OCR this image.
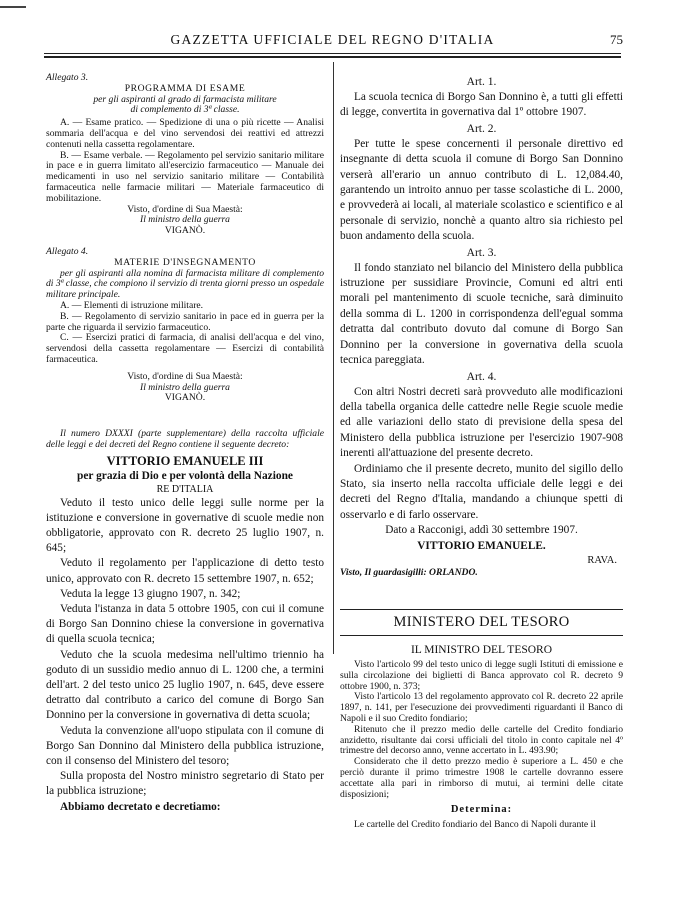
GAZZETTA UFFICIALE DEL REGNO D'ITALIA	75

Allegato 3.

PROGRAMMA DI ESAME

per gli aspiranti al grado di farmacista militare

di complemento di 3ª classe.

A. — Esame pratico. — Spedizione di una o più ricette — Analisi sommaria dell'acqua e del vino servendosi dei reattivi ed attrezzi contenuti nella cassetta regolamentare.

B. — Esame verbale. — Regolamento pel servizio sanitario militare in pace e in guerra limitato all'esercizio farmaceutico — Manuale dei medicamenti in uso nel servizio sanitario militare — Contabilità farmaceutica nelle farmacie militari — Materiale farmaceutico di mobilitazione.

Visto, d'ordine di Sua Maestà:

Il ministro della guerra

VIGANÒ.

Allegato 4.

MATERIE D'INSEGNAMENTO

per gli aspiranti alla nomina di farmacista militare di complemento di 3ª classe, che compiono il servizio di trenta giorni presso un ospedale militare principale.

A. — Elementi di istruzione militare.

B. — Regolamento di servizio sanitario in pace ed in guerra per la parte che riguarda il servizio farmaceutico.

C. — Esercizi pratici di farmacia, di analisi dell'acqua e del vino, servendosi della cassetta regolamentare — Esercizi di contabilità farmaceutica.

Visto, d'ordine di Sua Maestà:

Il ministro della guerra

VIGANÒ.

Il numero DXXXI (parte supplementare) della raccolta ufficiale delle leggi e dei decreti del Regno contiene il seguente decreto:

VITTORIO EMANUELE III

per grazia di Dio e per volontà della Nazione

RE D'ITALIA

Veduto il testo unico delle leggi sulle norme per la istituzione e conversione in governative di scuole medie non obbligatorie, approvato con R. decreto 25 luglio 1907, n. 645;

Veduto il regolamento per l'applicazione di detto testo unico, approvato con R. decreto 15 settembre 1907, n. 652;

Veduta la legge 13 giugno 1907, n. 342;

Veduta l'istanza in data 5 ottobre 1905, con cui il comune di Borgo San Donnino chiese la conversione in governativa di quella scuola tecnica;

Veduto che la scuola medesima nell'ultimo triennio ha goduto di un sussidio medio annuo di L. 1200 che, a termini dell'art. 2 del testo unico 25 luglio 1907, n. 645, deve essere detratto dal contributo a carico del comune di Borgo San Donnino per la conversione in governativa di detta scuola;

Veduta la convenzione all'uopo stipulata con il comune di Borgo San Donnino dal Ministero della pubblica istruzione, con il consenso del Ministero del tesoro;

Sulla proposta del Nostro ministro segretario di Stato per la pubblica istruzione;

Abbiamo decretato e decretiamo:

Art. 1.

La scuola tecnica di Borgo San Donnino è, a tutti gli effetti di legge, convertita in governativa dal 1º ottobre 1907.

Art. 2.

Per tutte le spese concernenti il personale direttivo ed insegnante di detta scuola il comune di Borgo San Donnino verserà all'erario un annuo contributo di L. 12,084.40, garantendo un introito annuo per tasse scolastiche di L. 2000, e provvederà ai locali, al materiale scolastico e scientifico e al personale di servizio, nonchè a quanto altro sia richiesto pel buon andamento della scuola.

Art. 3.

Il fondo stanziato nel bilancio del Ministero della pubblica istruzione per sussidiare Provincie, Comuni ed altri enti morali pel mantenimento di scuole tecniche, sarà diminuito della somma di L. 1200 in corrispondenza dell'egual somma detratta dal contributo dovuto dal comune di Borgo San Donnino per la conversione in governativa della scuola tecnica pareggiata.

Art. 4.

Con altri Nostri decreti sarà provveduto alle modificazioni della tabella organica delle cattedre nelle Regie scuole medie ed alle variazioni dello stato di previsione della spesa del Ministero della pubblica istruzione per l'esercizio 1907-908 inerenti all'attuazione del presente decreto.

Ordiniamo che il presente decreto, munito del sigillo dello Stato, sia inserto nella raccolta ufficiale delle leggi e dei decreti del Regno d'Italia, mandando a chiunque spetti di osservarlo e di farlo osservare.

Dato a Racconigi, addì 30 settembre 1907.

VITTORIO EMANUELE.

RAVA.

Visto, Il guardasigilli: ORLANDO.

MINISTERO DEL TESORO

IL MINISTRO DEL TESORO

Visto l'articolo 99 del testo unico di legge sugli Istituti di emissione e sulla circolazione dei biglietti di Banca approvato col R. decreto 9 ottobre 1900, n. 373;

Visto l'articolo 13 del regolamento approvato col R. decreto 22 aprile 1897, n. 141, per l'esecuzione dei provvedimenti riguardanti il Banco di Napoli e il suo Credito fondiario;

Ritenuto che il prezzo medio delle cartelle del Credito fondiario anzidetto, risultante dai corsi ufficiali del titolo in conto capitale nel 4º trimestre del decorso anno, venne accertato in L. 493.90;

Considerato che il detto prezzo medio è superiore a L. 450 e che perciò durante il primo trimestre 1908 le cartelle dovranno essere accettate alla pari in rimborso di mutui, ai termini delle citate disposizioni;

Determina:

Le cartelle del Credito fondiario del Banco di Napoli durante il
